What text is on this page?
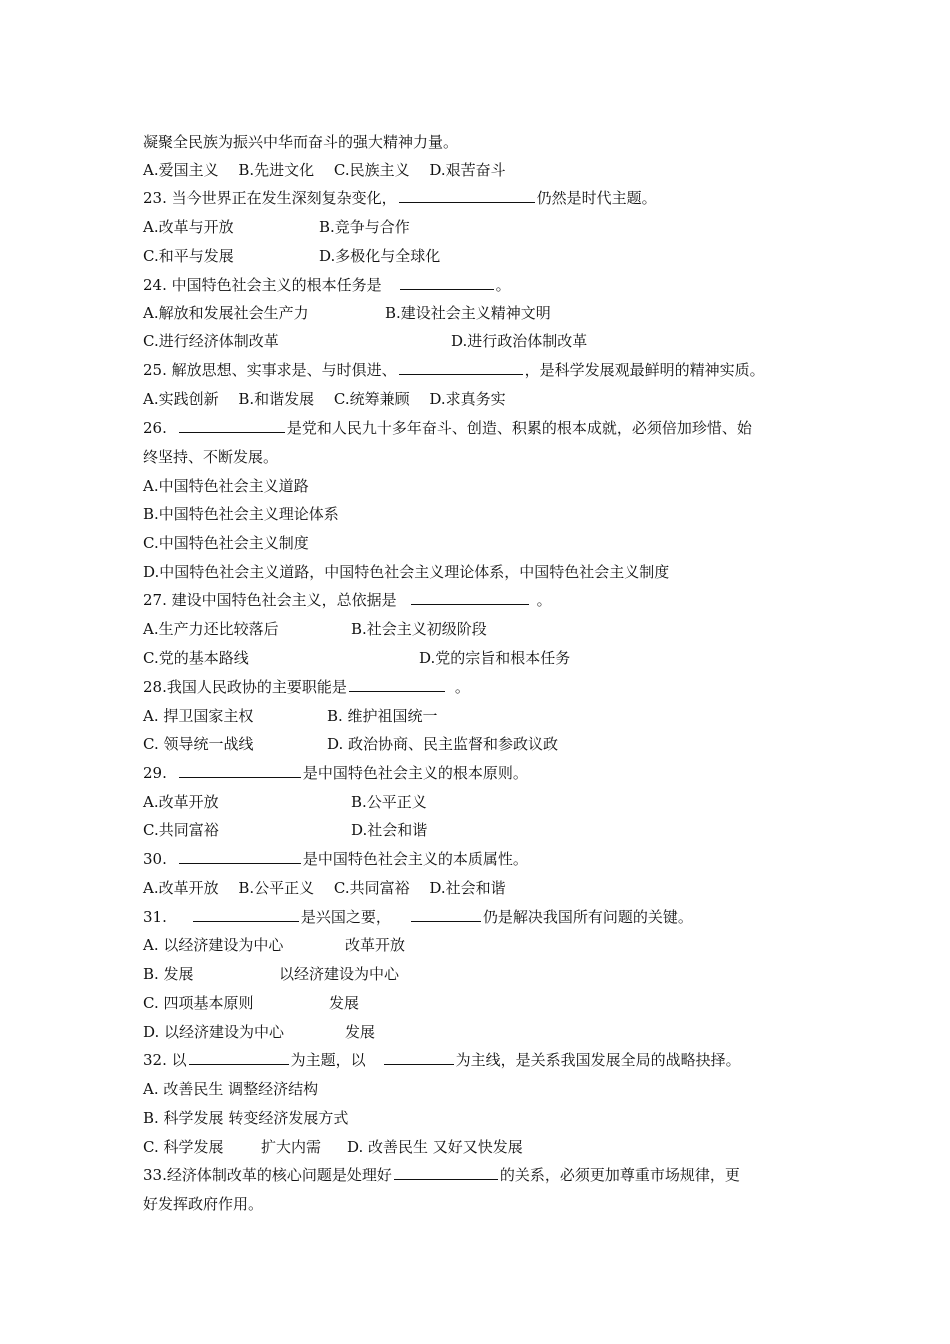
凝聚全民族为振兴中华而奋斗的强大精神力量。
A.爱国主义　 B.先进文化　 C.民族主义　 D.艰苦奋斗
23. 当今世界正在发生深刻复杂变化，	仍然是时代主题。
A.改革与开放	B.竞争与合作
C.和平与发展	D.多极化与全球化
24. 中国特色社会主义的根本任务是	。
A.解放和发展社会生产力	B.建设社会主义精神文明
C.进行经济体制改革	D.进行政治体制改革
25. 解放思想、实事求是、与时俱进、	，是科学发展观最鲜明的精神实质。
A.实践创新　 B.和谐发展　 C.统筹兼顾　 D.求真务实
26.	是党和人民九十多年奋斗、创造、积累的根本成就，必须倍加珍惜、始
终坚持、不断发展。
A.中国特色社会主义道路
B.中国特色社会主义理论体系
C.中国特色社会主义制度
D.中国特色社会主义道路，中国特色社会主义理论体系，中国特色社会主义制度
27. 建设中国特色社会主义，总依据是	。
A.生产力还比较落后	B.社会主义初级阶段
C.党的基本路线	D.党的宗旨和根本任务
28.我国人民政协的主要职能是	。
A. 捍卫国家主权	B. 维护祖国统一
C. 领导统一战线	D. 政治协商、民主监督和参政议政
29.	是中国特色社会主义的根本原则。
A.改革开放	B.公平正义
C.共同富裕	D.社会和谐
30.	是中国特色社会主义的本质属性。
A.改革开放　 B.公平正义　 C.共同富裕　 D.社会和谐
31.	是兴国之要，	仍是解决我国所有问题的关键。
A. 以经济建设为中心	改革开放
B. 发展	以经济建设为中心
C. 四项基本原则	发展
D. 以经济建设为中心	发展
32. 以	为主题，以	为主线，是关系我国发展全局的战略抉择。
A. 改善民生 调整经济结构
B. 科学发展 转变经济发展方式
C. 科学发展	扩大内需 D. 改善民生 又好又快发展
33.经济体制改革的核心问题是处理好	的关系，必须更加尊重市场规律，更
好发挥政府作用。
